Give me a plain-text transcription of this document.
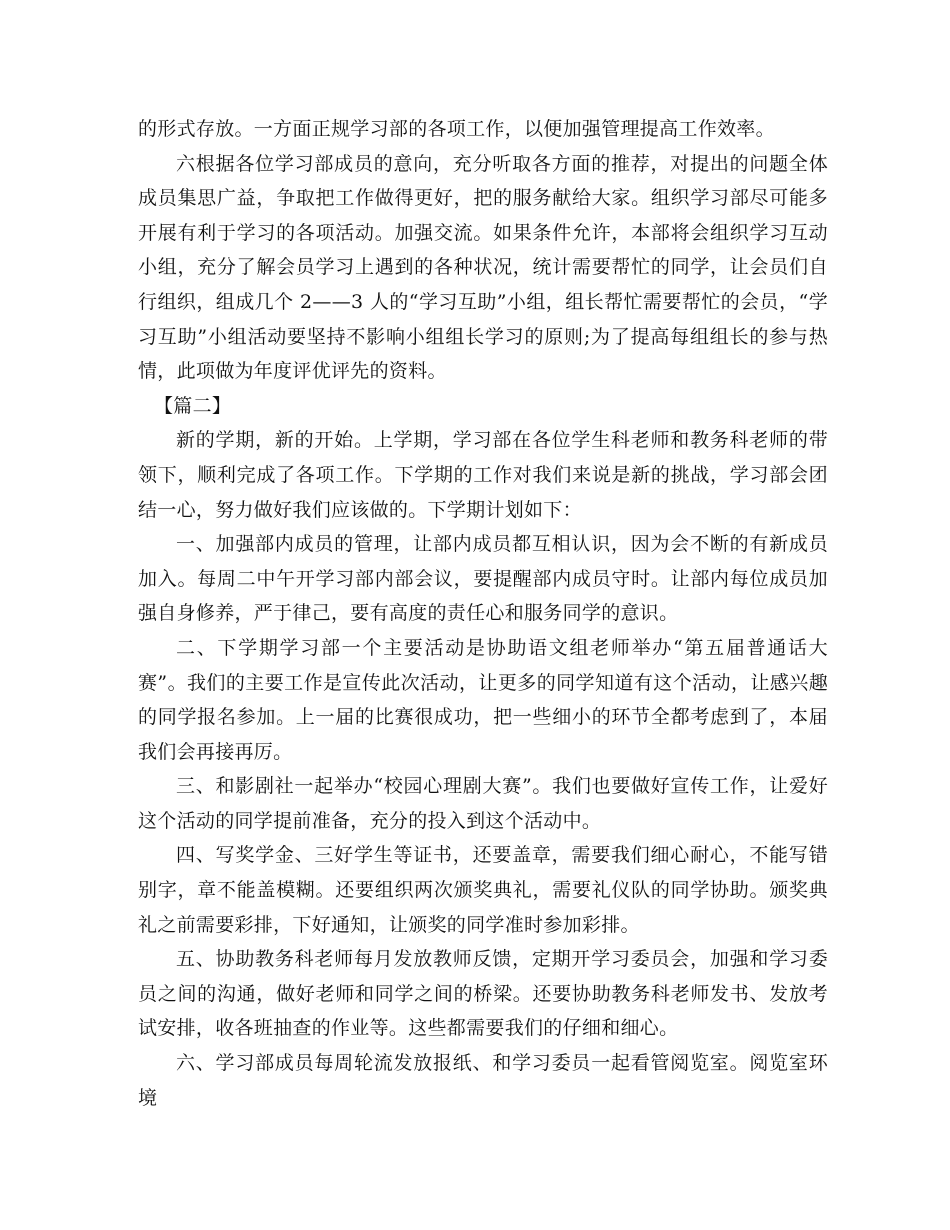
的形式存放。一方面正规学习部的各项工作，以便加强管理提高工作效率。

六根据各位学习部成员的意向，充分听取各方面的推荐，对提出的问题全体成员集思广益，争取把工作做得更好，把的服务献给大家。组织学习部尽可能多开展有利于学习的各项活动。加强交流。如果条件允许，本部将会组织学习互动小组，充分了解会员学习上遇到的各种状况，统计需要帮忙的同学，让会员们自行组织，组成几个 2——3 人的“学习互助”小组，组长帮忙需要帮忙的会员，“学习互助”小组活动要坚持不影响小组组长学习的原则;为了提高每组组长的参与热情，此项做为年度评优评先的资料。

【篇二】

新的学期，新的开始。上学期，学习部在各位学生科老师和教务科老师的带领下，顺利完成了各项工作。下学期的工作对我们来说是新的挑战，学习部会团结一心，努力做好我们应该做的。下学期计划如下：

一、加强部内成员的管理，让部内成员都互相认识，因为会不断的有新成员加入。每周二中午开学习部内部会议，要提醒部内成员守时。让部内每位成员加强自身修养，严于律己，要有高度的责任心和服务同学的意识。

二、下学期学习部一个主要活动是协助语文组老师举办“第五届普通话大赛”。我们的主要工作是宣传此次活动，让更多的同学知道有这个活动，让感兴趣的同学报名参加。上一届的比赛很成功，把一些细小的环节全都考虑到了，本届我们会再接再厉。

三、和影剧社一起举办“校园心理剧大赛”。我们也要做好宣传工作，让爱好这个活动的同学提前准备，充分的投入到这个活动中。

四、写奖学金、三好学生等证书，还要盖章，需要我们细心耐心，不能写错别字，章不能盖模糊。还要组织两次颁奖典礼，需要礼仪队的同学协助。颁奖典礼之前需要彩排，下好通知，让颁奖的同学准时参加彩排。

五、协助教务科老师每月发放教师反馈，定期开学习委员会，加强和学习委员之间的沟通，做好老师和同学之间的桥梁。还要协助教务科老师发书、发放考试安排，收各班抽查的作业等。这些都需要我们的仔细和细心。

六、学习部成员每周轮流发放报纸、和学习委员一起看管阅览室。阅览室环境
